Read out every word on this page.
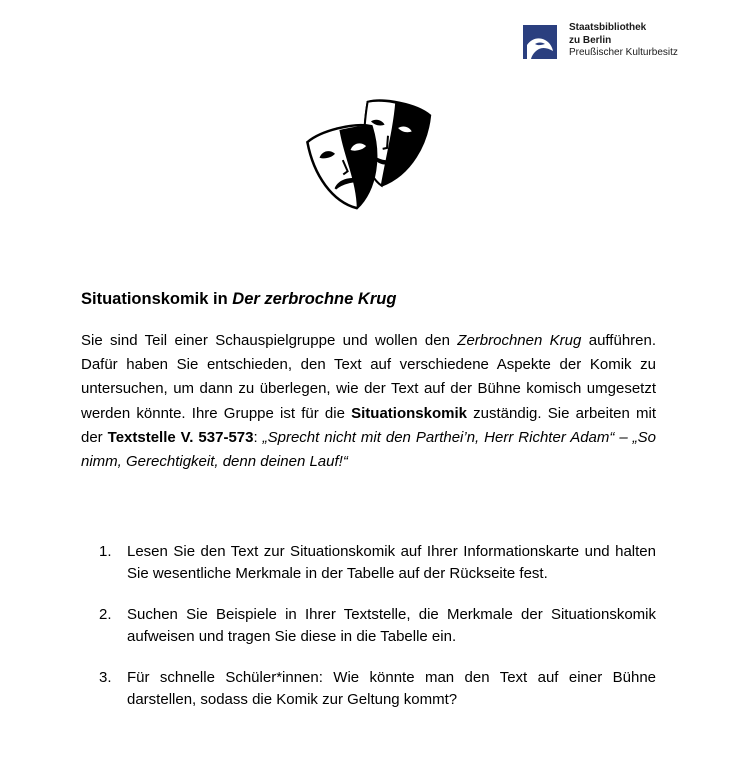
Staatsbibliothek
zu Berlin
Preußischer Kulturbesitz
Situationskomik in Der zerbrochne Krug

Sie sind Teil einer Schauspielgruppe und wollen den Zerbrochnen Krug aufführen. Dafür haben Sie entschieden, den Text auf verschiedene Aspekte der Komik zu untersuchen, um dann zu überlegen, wie der Text auf der Bühne komisch umgesetzt werden könnte. Ihre Gruppe ist für die Situationskomik zuständig. Sie arbeiten mit der Textstelle V. 537-573: „Sprecht nicht mit den Parthei’n, Herr Richter Adam“ – „So nimm, Gerechtigkeit, denn deinen Lauf!“

1. Lesen Sie den Text zur Situationskomik auf Ihrer Informationskarte und halten Sie wesentliche Merkmale in der Tabelle auf der Rückseite fest.
2. Suchen Sie Beispiele in Ihrer Textstelle, die Merkmale der Situationskomik aufweisen und tragen Sie diese in die Tabelle ein.
3. Für schnelle Schüler*innen: Wie könnte man den Text auf einer Bühne darstellen, sodass die Komik zur Geltung kommt?
